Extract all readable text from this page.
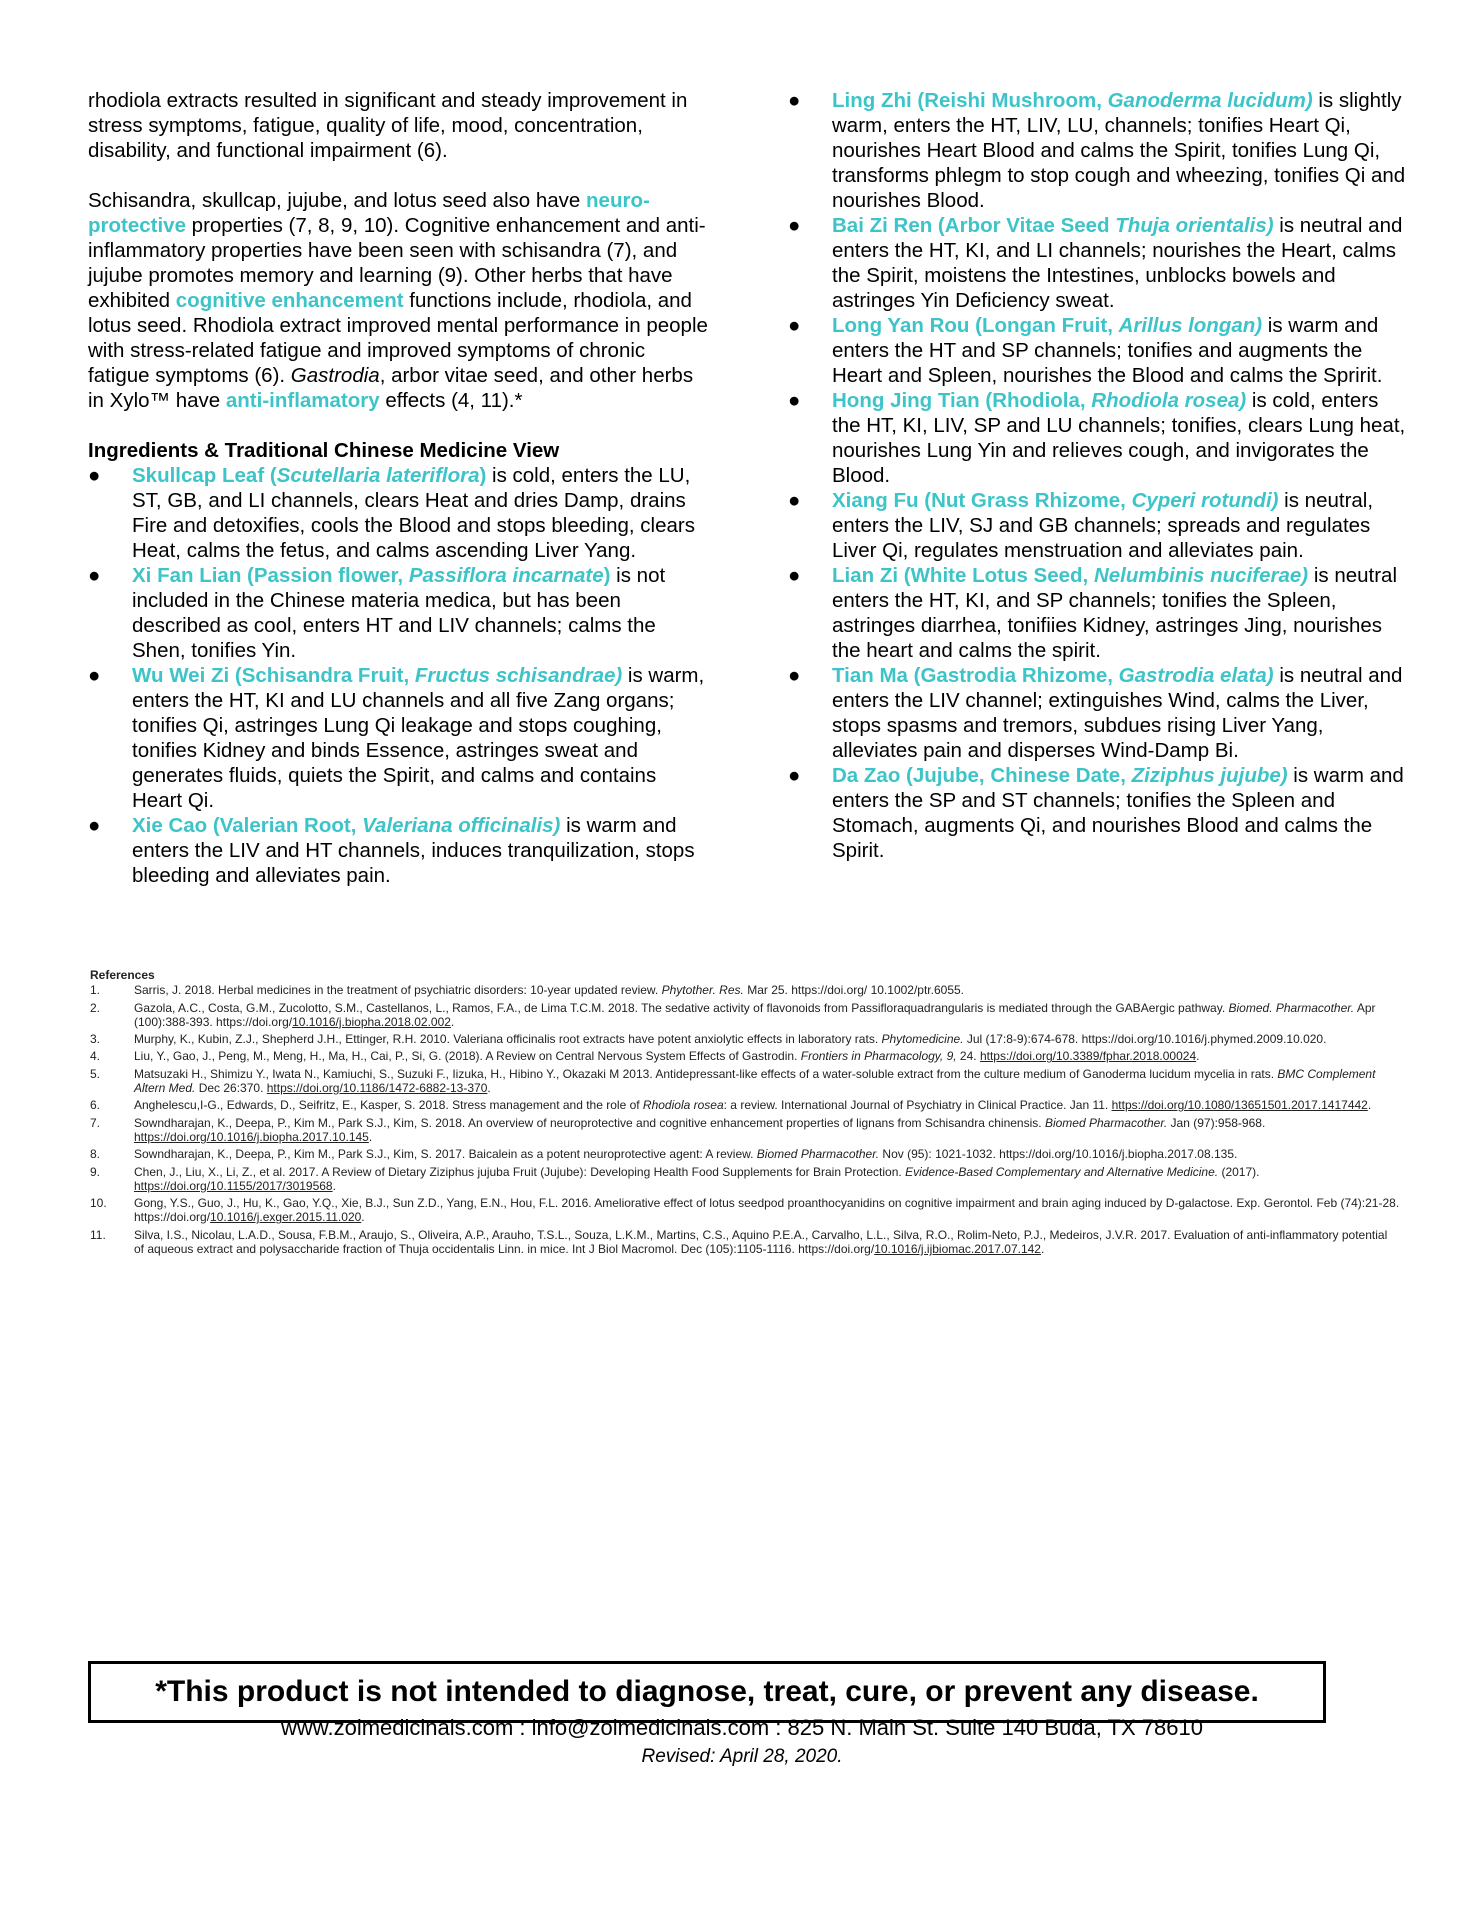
rhodiola extracts resulted in significant and steady improvement in stress symptoms, fatigue, quality of life, mood, concentration, disability, and functional impairment (6).

Schisandra, skullcap, jujube, and lotus seed also have neuro-protective properties (7, 8, 9, 10). Cognitive enhancement and anti-inflammatory properties have been seen with schisandra (7), and jujube promotes memory and learning (9). Other herbs that have exhibited cognitive enhancement functions include, rhodiola, and lotus seed. Rhodiola extract improved mental performance in people with stress-related fatigue and improved symptoms of chronic fatigue symptoms (6). Gastrodia, arbor vitae seed, and other herbs in Xylo™ have anti-inflamatory effects (4, 11).*

Ingredients & Traditional Chinese Medicine View

● Skullcap Leaf (Scutellaria lateriflora) is cold, enters the LU, ST, GB, and LI channels, clears Heat and dries Damp, drains Fire and detoxifies, cools the Blood and stops bleeding, clears Heat, calms the fetus, and calms ascending Liver Yang.
● Xi Fan Lian (Passion flower, Passiflora incarnate) is not included in the Chinese materia medica, but has been described as cool, enters HT and LIV channels; calms the Shen, tonifies Yin.
● Wu Wei Zi (Schisandra Fruit, Fructus schisandrae) is warm, enters the HT, KI and LU channels and all five Zang organs; tonifies Qi, astringes Lung Qi leakage and stops coughing, tonifies Kidney and binds Essence, astringes sweat and generates fluids, quiets the Spirit, and calms and contains Heart Qi.
● Xie Cao (Valerian Root, Valeriana officinalis) is warm and enters the LIV and HT channels, induces tranquilization, stops bleeding and alleviates pain.
● Ling Zhi (Reishi Mushroom, Ganoderma lucidum) is slightly warm, enters the HT, LIV, LU, channels; tonifies Heart Qi, nourishes Heart Blood and calms the Spirit, tonifies Lung Qi, transforms phlegm to stop cough and wheezing, tonifies Qi and nourishes Blood.
● Bai Zi Ren (Arbor Vitae Seed Thuja orientalis) is neutral and enters the HT, KI, and LI channels; nourishes the Heart, calms the Spirit, moistens the Intestines, unblocks bowels and astringes Yin Deficiency sweat.
● Long Yan Rou (Longan Fruit, Arillus longan) is warm and enters the HT and SP channels; tonifies and augments the Heart and Spleen, nourishes the Blood and calms the Spririt.
● Hong Jing Tian (Rhodiola, Rhodiola rosea) is cold, enters the HT, KI, LIV, SP and LU channels; tonifies, clears Lung heat, nourishes Lung Yin and relieves cough, and invigorates the Blood.
● Xiang Fu (Nut Grass Rhizome, Cyperi rotundi) is neutral, enters the LIV, SJ and GB channels; spreads and regulates Liver Qi, regulates menstruation and alleviates pain.
● Lian Zi (White Lotus Seed, Nelumbinis nuciferae) is neutral enters the HT, KI, and SP channels; tonifies the Spleen, astringes diarrhea, tonifiies Kidney, astringes Jing, nourishes the heart and calms the spirit.
● Tian Ma (Gastrodia Rhizome, Gastrodia elata) is neutral and enters the LIV channel; extinguishes Wind, calms the Liver, stops spasms and tremors, subdues rising Liver Yang, alleviates pain and disperses Wind-Damp Bi.
● Da Zao (Jujube, Chinese Date, Ziziphus jujube) is warm and enters the SP and ST channels; tonifies the Spleen and Stomach, augments Qi, and nourishes Blood and calms the Spirit.
References
1.	Sarris, J. 2018. Herbal medicines in the treatment of psychiatric disorders: 10-year updated review. Phytother. Res. Mar 25. https://doi.org/ 10.1002/ptr.6055.
2.	Gazola, A.C., Costa, G.M., Zucolotto, S.M., Castellanos, L., Ramos, F.A., de Lima T.C.M. 2018. The sedative activity of flavonoids from Passifloraquadrangularis is mediated through the GABAergic pathway. Biomed. Pharmacother. Apr (100):388-393. https://doi.org/10.1016/j.biopha.2018.02.002.
3.	Murphy, K., Kubin, Z.J., Shepherd J.H., Ettinger, R.H. 2010. Valeriana officinalis root extracts have potent anxiolytic effects in laboratory rats. Phytomedicine. Jul (17:8-9):674-678. https://doi.org/10.1016/j.phymed.2009.10.020.
4.	Liu, Y., Gao, J., Peng, M., Meng, H., Ma, H., Cai, P., Si, G. (2018). A Review on Central Nervous System Effects of Gastrodin. Frontiers in Pharmacology, 9, 24. https://doi.org/10.3389/fphar.2018.00024.
5.	Matsuzaki H., Shimizu Y., Iwata N., Kamiuchi, S., Suzuki F., Iizuka, H., Hibino Y., Okazaki M 2013. Antidepressant-like effects of a water-soluble extract from the culture medium of Ganoderma lucidum mycelia in rats. BMC Complement Altern Med. Dec 26:370. https://doi.org/10.1186/1472-6882-13-370.
6.	Anghelescu,I-G., Edwards, D., Seifritz, E., Kasper, S. 2018. Stress management and the role of Rhodiola rosea: a review. International Journal of Psychiatry in Clinical Practice. Jan 11. https://doi.org/10.1080/13651501.2017.1417442.
7.	Sowndharajan, K., Deepa, P., Kim M., Park S.J., Kim, S. 2018. An overview of neuroprotective and cognitive enhancement properties of lignans from Schisandra chinensis. Biomed Pharmacother. Jan (97):958-968. https://doi.org/10.1016/j.biopha.2017.10.145.
8.	Sowndharajan, K., Deepa, P., Kim M., Park S.J., Kim, S. 2017. Baicalein as a potent neuroprotective agent: A review. Biomed Pharmacother. Nov (95): 1021-1032. https://doi.org/10.1016/j.biopha.2017.08.135.
9.	Chen, J., Liu, X., Li, Z., et al. 2017. A Review of Dietary Ziziphus jujuba Fruit (Jujube): Developing Health Food Supplements for Brain Protection. Evidence-Based Complementary and Alternative Medicine. (2017). https://doi.org/10.1155/2017/3019568.
10. Gong, Y.S., Guo, J., Hu, K., Gao, Y.Q., Xie, B.J., Sun Z.D., Yang, E.N., Hou, F.L. 2016. Ameliorative effect of lotus seedpod proanthocyanidins on cognitive impairment and brain aging induced by D-galactose. Exp. Gerontol. Feb (74):21-28. https://doi.org/10.1016/j.exger.2015.11.020.
11. Silva, I.S., Nicolau, L.A.D., Sousa, F.B.M., Araujo, S., Oliveira, A.P., Arauho, T.S.L., Souza, L.K.M., Martins, C.S., Aquino P.E.A., Carvalho, L.L., Silva, R.O., Rolim-Neto, P.J., Medeiros, J.V.R. 2017. Evaluation of anti-inflammatory potential of aqueous extract and polysaccharide fraction of Thuja occidentalis Linn. in mice. Int J Biol Macromol. Dec (105):1105-1116. https://doi.org/10.1016/j.ijbiomac.2017.07.142.
www.zoimedicinals.com : info@zoimedicinals.com : 825 N. Main St. Suite 140 Buda, TX 78610
*This product is not intended to diagnose, treat, cure, or prevent any disease.
Revised: April 28, 2020.
